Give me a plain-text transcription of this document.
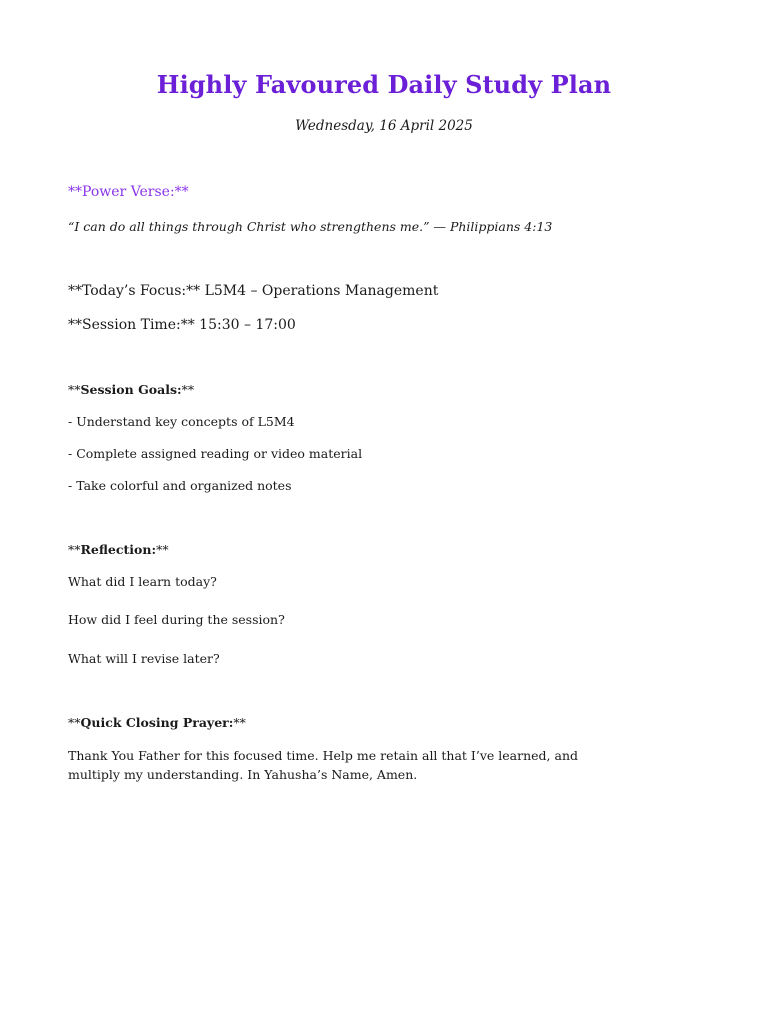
Highly Favoured Daily Study Plan
Wednesday, 16 April 2025
**Power Verse:**
“I can do all things through Christ who strengthens me.” — Philippians 4:13
**Today’s Focus:** L5M4 – Operations Management
**Session Time:** 15:30 – 17:00
**Session Goals:**
- Understand key concepts of L5M4
- Complete assigned reading or video material
- Take colorful and organized notes
**Reflection:**
What did I learn today?
How did I feel during the session?
What will I revise later?
**Quick Closing Prayer:**
Thank You Father for this focused time. Help me retain all that I’ve learned, and multiply my understanding. In Yahusha’s Name, Amen.
